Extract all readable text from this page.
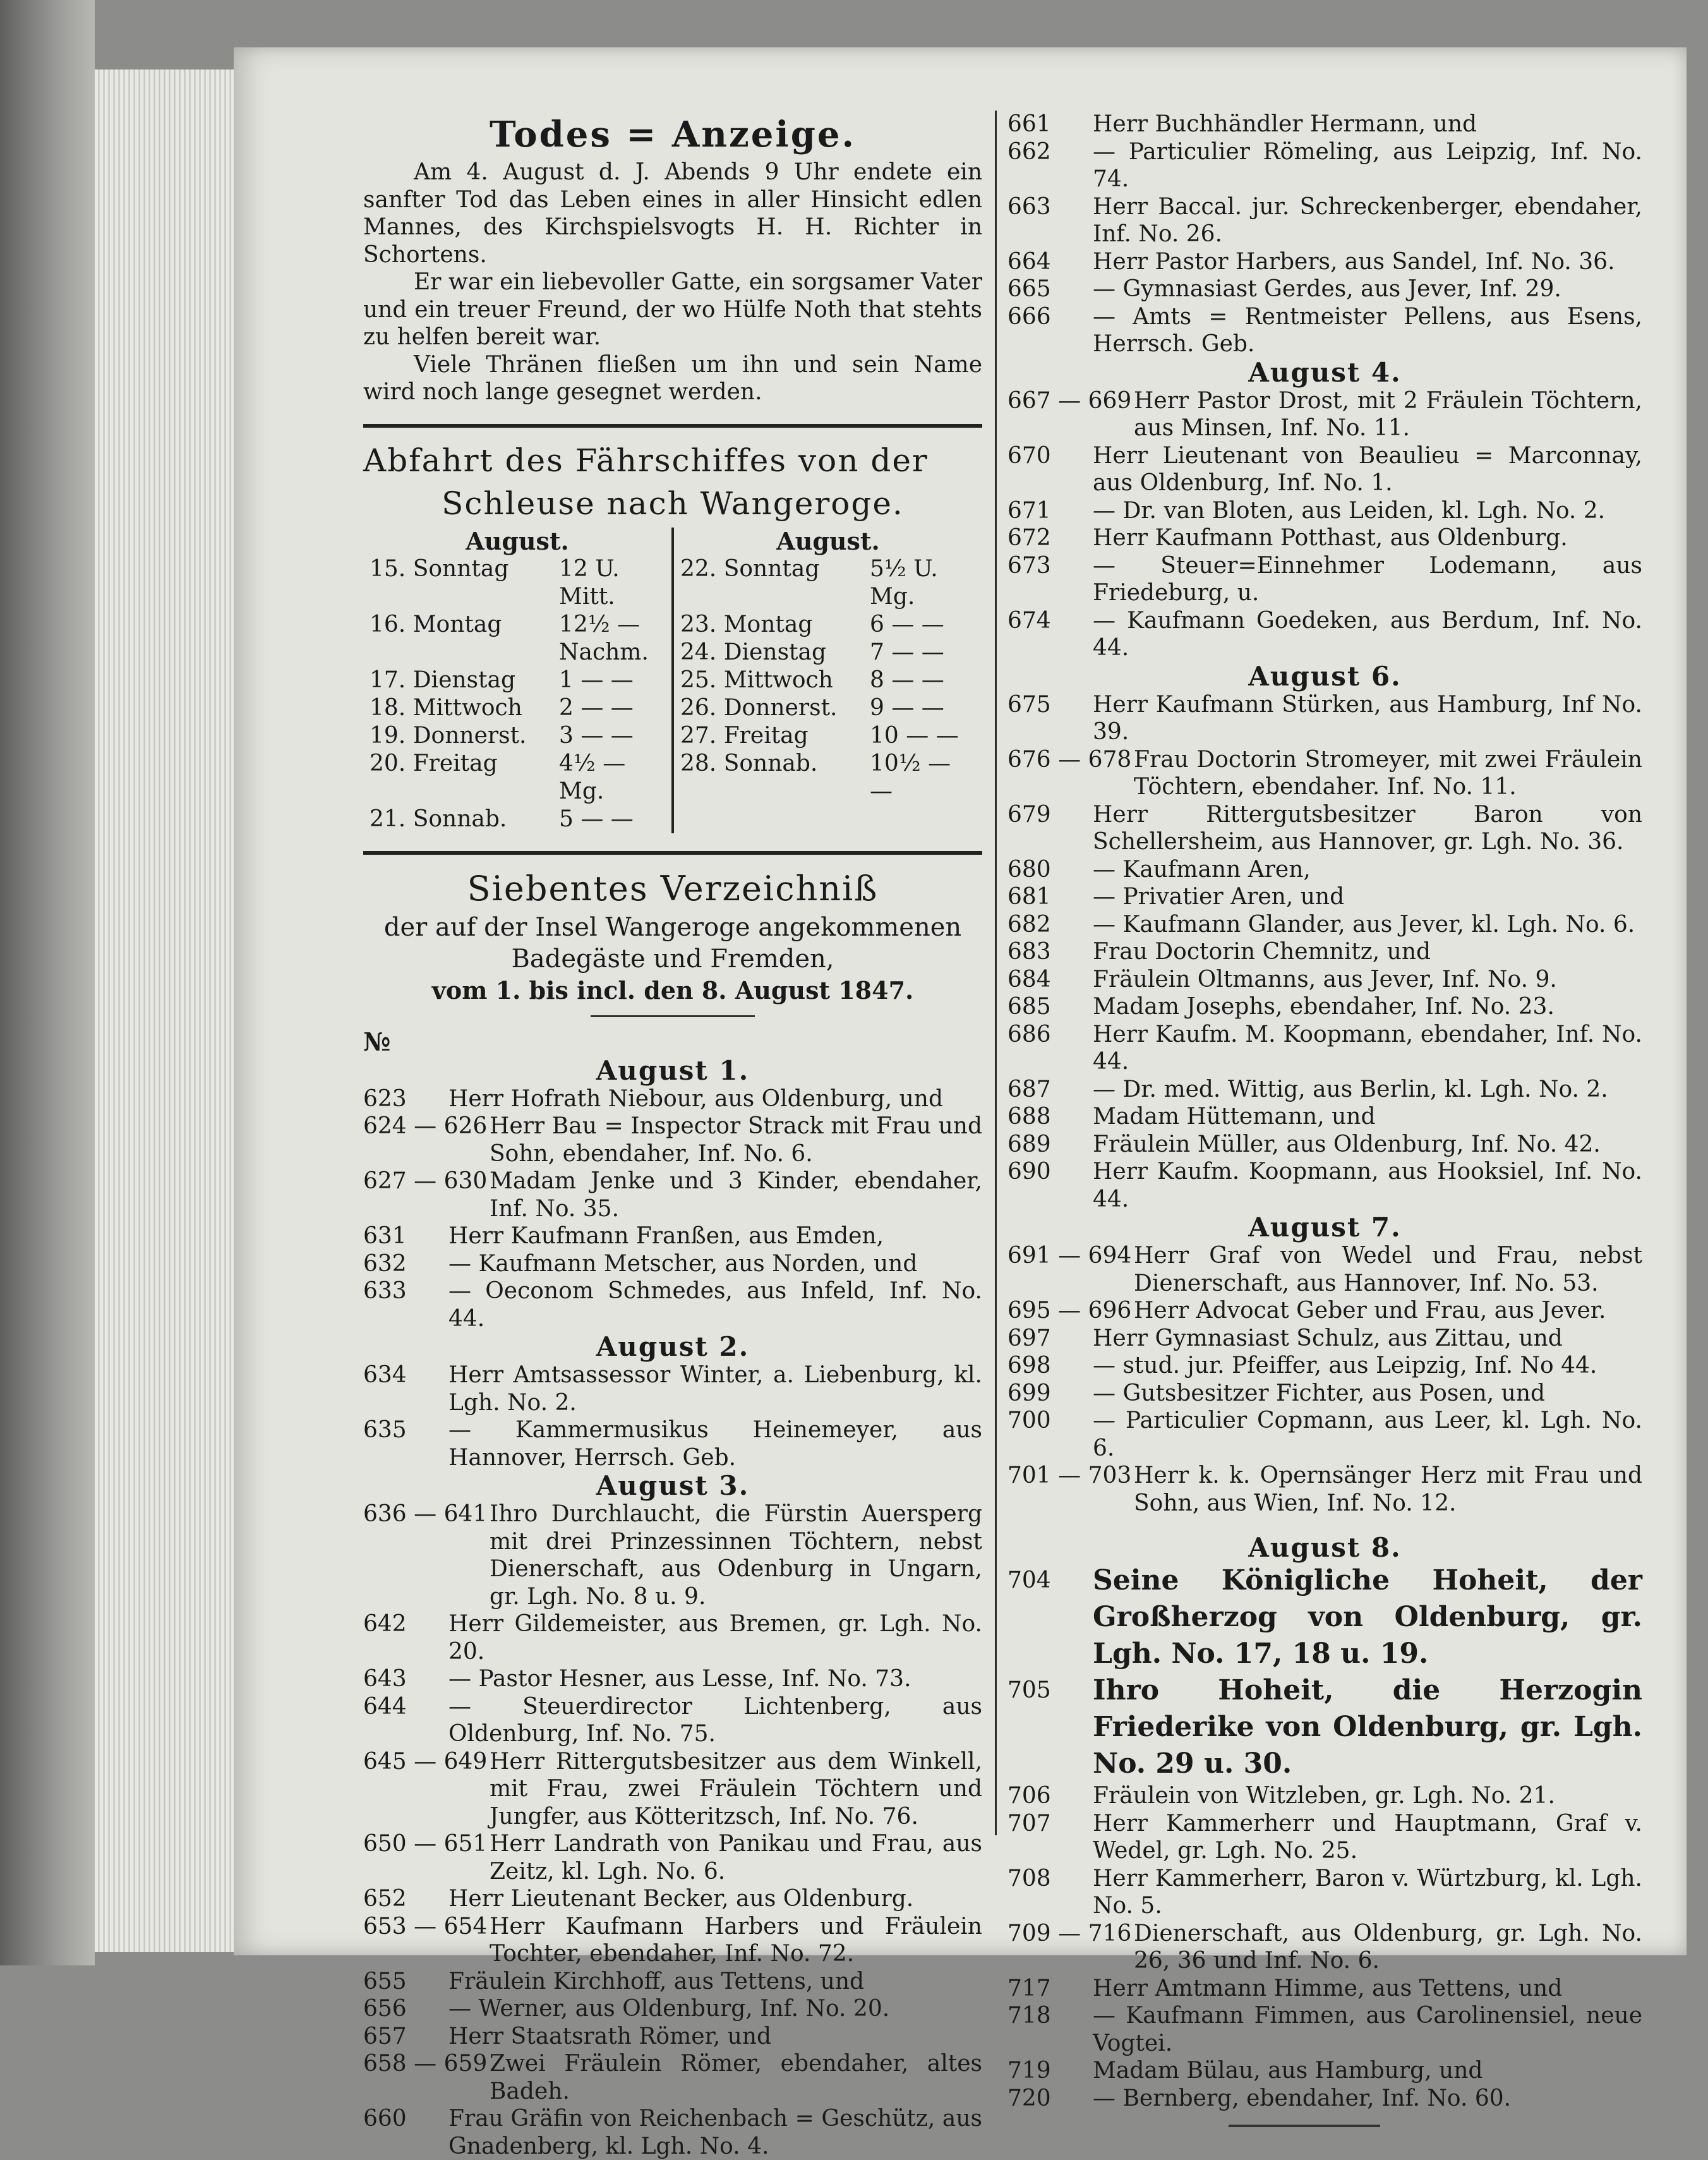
Todes = Anzeige.

Am 4. August d. J. Abends 9 Uhr endete ein sanfter Tod das Leben eines in aller Hinsicht edlen Mannes, des Kirchspielsvogts H. H. Richter in Schortens.

Er war ein liebevoller Gatte, ein sorgsamer Vater und ein treuer Freund, der wo Hülfe Noth that stehts zu helfen bereit war.

Viele Thränen fließen um ihn und sein Name wird noch lange gesegnet werden.

Abfahrt des Fährschiffes von der
Schleuse nach Wangeroge.
August.
15. Sonntag	12 U. Mitt.
16. Montag	12½ — Nachm.
17. Dienstag	1 — —
18. Mittwoch	2 — —
19. Donnerst.	3 — —
20. Freitag	4½ — Mg.
21. Sonnab.	5 — —
August.
22. Sonntag	5½ U. Mg.
23. Montag	6 — —
24. Dienstag	7 — —
25. Mittwoch	8 — —
26. Donnerst.	9 — —
27. Freitag	10 — —
28. Sonnab.	10½ — —
Siebentes Verzeichniß
der auf der Insel Wangeroge angekommenen
Badegäste und Fremden,
vom 1. bis incl. den 8. August 1847.
№
August 1.
623	Herr Hofrath Niebour, aus Oldenburg, und
624 — 626 Herr Bau = Inspector Strack mit Frau und Sohn, ebendaher, Inf. No. 6.
627 — 630 Madam Jenke und 3 Kinder, ebendaher, Inf. No. 35.
631	Herr Kaufmann Franßen, aus Emden,
632	— Kaufmann Metscher, aus Norden, und
633	— Oeconom Schmedes, aus Infeld, Inf. No. 44.
August 2.
634	Herr Amtsassessor Winter, a. Liebenburg, kl. Lgh. No. 2.
635	— Kammermusikus Heinemeyer, aus Hannover, Herrsch. Geb.
August 3.
636 — 641 Ihro Durchlaucht, die Fürstin Auersperg mit drei Prinzessinnen Töchtern, nebst Dienerschaft, aus Odenburg in Ungarn, gr. Lgh. No. 8 u. 9.
642	Herr Gildemeister, aus Bremen, gr. Lgh. No. 20.
643	— Pastor Hesner, aus Lesse, Inf. No. 73.
644	— Steuerdirector Lichtenberg, aus Oldenburg, Inf. No. 75.
645 — 649 Herr Rittergutsbesitzer aus dem Winkell, mit Frau, zwei Fräulein Töchtern und Jungfer, aus Kötteritzsch, Inf. No. 76.
650 — 651 Herr Landrath von Panikau und Frau, aus Zeitz, kl. Lgh. No. 6.
652	Herr Lieutenant Becker, aus Oldenburg.
653 — 654 Herr Kaufmann Harbers und Fräulein Tochter, ebendaher, Inf. No. 72.
655	Fräulein Kirchhoff, aus Tettens, und
656	— Werner, aus Oldenburg, Inf. No. 20.
657	Herr Staatsrath Römer, und
658 — 659 Zwei Fräulein Römer, ebendaher, altes Badeh.
660	Frau Gräfin von Reichenbach = Geschütz, aus Gnadenberg, kl. Lgh. No. 4.
661	Herr Buchhändler Hermann, und
662	— Particulier Römeling, aus Leipzig, Inf. No. 74.
663	Herr Baccal. jur. Schreckenberger, ebendaher, Inf. No. 26.
664	Herr Pastor Harbers, aus Sandel, Inf. No. 36.
665	— Gymnasiast Gerdes, aus Jever, Inf. 29.
666	— Amts = Rentmeister Pellens, aus Esens, Herrsch. Geb.
August 4.
667 — 669 Herr Pastor Drost, mit 2 Fräulein Töchtern, aus Minsen, Inf. No. 11.
670	Herr Lieutenant von Beaulieu = Marconnay, aus Oldenburg, Inf. No. 1.
671	— Dr. van Bloten, aus Leiden, kl. Lgh. No. 2.
672	Herr Kaufmann Potthast, aus Oldenburg.
673	— Steuer=Einnehmer Lodemann, aus Friedeburg, u.
674	— Kaufmann Goedeken, aus Berdum, Inf. No. 44.
August 6.
675	Herr Kaufmann Stürken, aus Hamburg, Inf No. 39.
676 — 678 Frau Doctorin Stromeyer, mit zwei Fräulein Töchtern, ebendaher. Inf. No. 11.
679	Herr Rittergutsbesitzer Baron von Schellersheim, aus Hannover, gr. Lgh. No. 36.
680	— Kaufmann Aren,
681	— Privatier Aren, und
682	— Kaufmann Glander, aus Jever, kl. Lgh. No. 6.
683	Frau Doctorin Chemnitz, und
684	Fräulein Oltmanns, aus Jever, Inf. No. 9.
685	Madam Josephs, ebendaher, Inf. No. 23.
686	Herr Kaufm. M. Koopmann, ebendaher, Inf. No. 44.
687	— Dr. med. Wittig, aus Berlin, kl. Lgh. No. 2.
688	Madam Hüttemann, und
689	Fräulein Müller, aus Oldenburg, Inf. No. 42.
690	Herr Kaufm. Koopmann, aus Hooksiel, Inf. No. 44.
August 7.
691 — 694 Herr Graf von Wedel und Frau, nebst Dienerschaft, aus Hannover, Inf. No. 53.
695 — 696 Herr Advocat Geber und Frau, aus Jever.
697	Herr Gymnasiast Schulz, aus Zittau, und
698	— stud. jur. Pfeiffer, aus Leipzig, Inf. No 44.
699	— Gutsbesitzer Fichter, aus Posen, und
700	— Particulier Copmann, aus Leer, kl. Lgh. No. 6.
701 — 703 Herr k. k. Opernsänger Herz mit Frau und Sohn, aus Wien, Inf. No. 12.
August 8.
704	Seine Königliche Hoheit, der Großherzog von Oldenburg, gr. Lgh. No. 17, 18 u. 19.
705	Ihro Hoheit, die Herzogin Friederike von Oldenburg, gr. Lgh. No. 29 u. 30.
706	Fräulein von Witzleben, gr. Lgh. No. 21.
707	Herr Kammerherr und Hauptmann, Graf v. Wedel, gr. Lgh. No. 25.
708	Herr Kammerherr, Baron v. Würtzburg, kl. Lgh. No. 5.
709 — 716 Dienerschaft, aus Oldenburg, gr. Lgh. No. 26, 36 und Inf. No. 6.
717	Herr Amtmann Himme, aus Tettens, und
718	— Kaufmann Fimmen, aus Carolinensiel, neue Vogtei.
719	Madam Bülau, aus Hamburg, und
720	— Bernberg, ebendaher, Inf. No. 60.
